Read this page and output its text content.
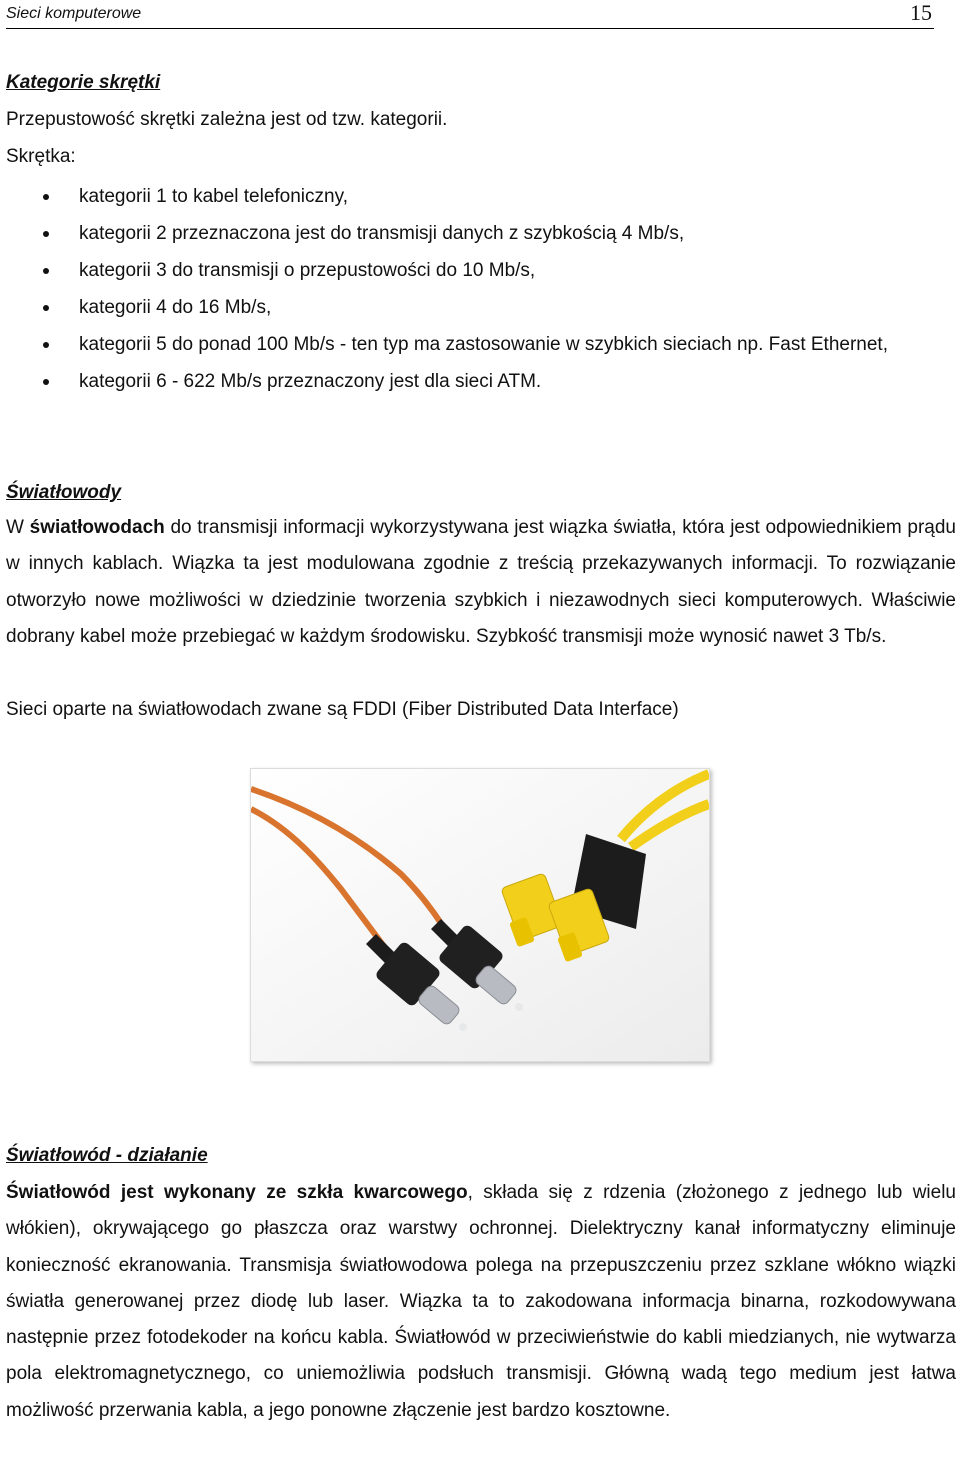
Sieci komputerowe	15
Kategorie skrętki
Przepustowość skrętki zależna jest od tzw. kategorii.
Skrętka:
kategorii 1 to kabel telefoniczny,
kategorii 2 przeznaczona jest do transmisji danych z szybkością 4 Mb/s,
kategorii 3 do transmisji o przepustowości do 10 Mb/s,
kategorii 4 do 16 Mb/s,
kategorii 5 do ponad 100 Mb/s - ten typ ma zastosowanie w szybkich sieciach np. Fast Ethernet,
kategorii 6 - 622 Mb/s przeznaczony jest dla sieci ATM.
Światłowody
W światłowodach do transmisji informacji wykorzystywana jest wiązka światła, która jest odpowiednikiem prądu w innych kablach. Wiązka ta jest modulowana zgodnie z treścią przekazywanych informacji. To rozwiązanie otworzyło nowe możliwości w dziedzinie tworzenia szybkich i niezawodnych sieci komputerowych. Właściwie dobrany kabel może przebiegać w każdym środowisku. Szybkość transmisji może wynosić nawet 3 Tb/s.
Sieci oparte na światłowodach zwane są FDDI (Fiber Distributed Data Interface)
Światłowód - działanie
Światłowód jest wykonany ze szkła kwarcowego, składa się z rdzenia (złożonego z jednego lub wielu włókien), okrywającego go płaszcza oraz warstwy ochronnej. Dielektryczny kanał informatyczny eliminuje konieczność ekranowania. Transmisja światłowodowa polega na przepuszczeniu przez szklane włókno wiązki światła generowanej przez diodę lub laser. Wiązka ta to zakodowana informacja binarna, rozkodowywana następnie przez fotodekoder na końcu kabla. Światłowód w przeciwieństwie do kabli miedzianych, nie wytwarza pola elektromagnetycznego, co uniemożliwia podsłuch transmisji. Główną wadą tego medium jest łatwa możliwość przerwania kabla, a jego ponowne złączenie jest bardzo kosztowne.
